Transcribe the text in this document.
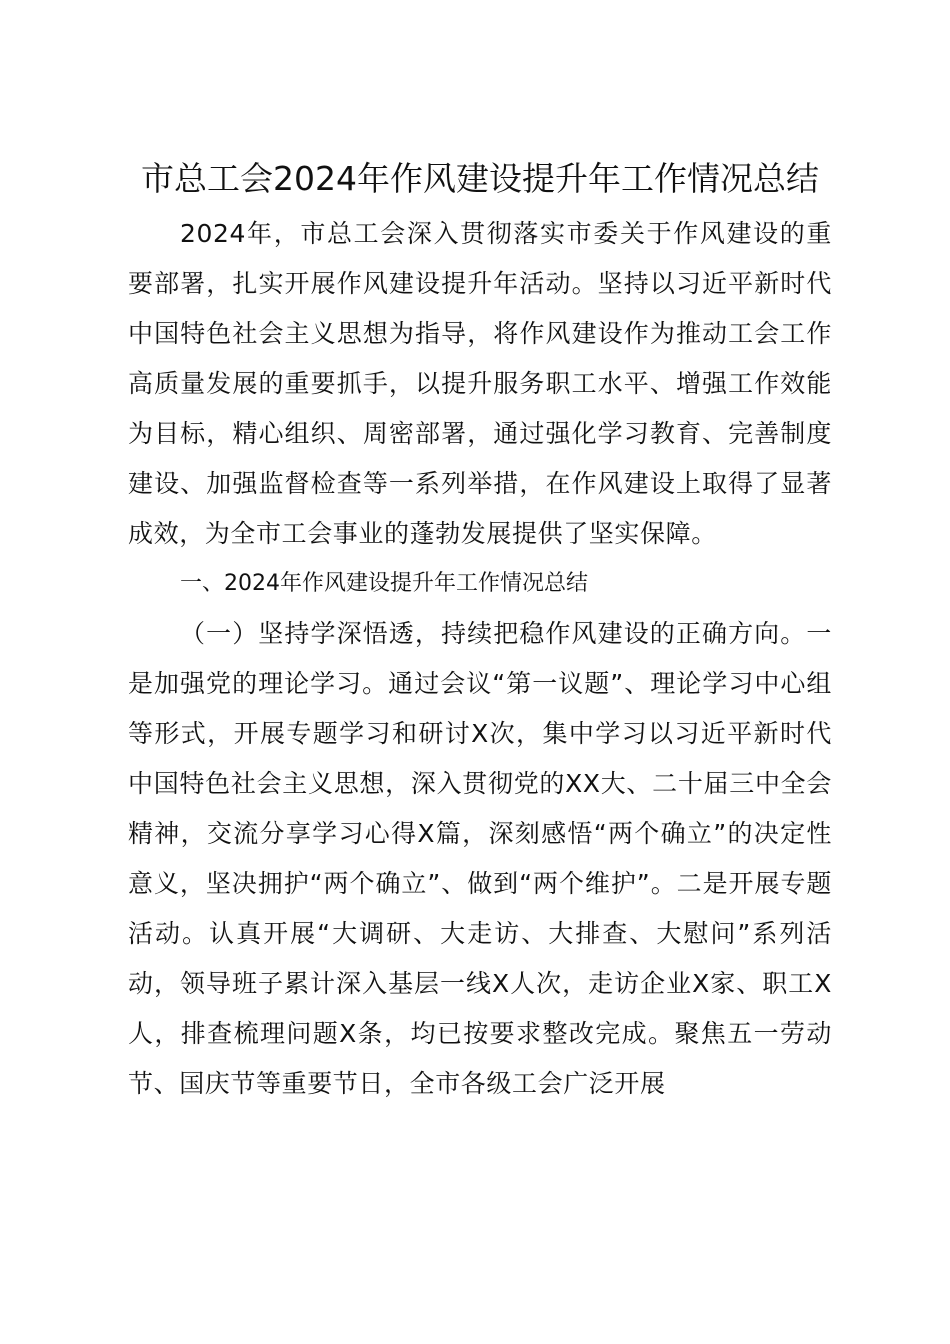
市总工会2024年作风建设提升年工作情况总结

2024年，市总工会深入贯彻落实市委关于作风建设的重要部署，扎实开展作风建设提升年活动。坚持以习近平新时代中国特色社会主义思想为指导，将作风建设作为推动工会工作高质量发展的重要抓手，以提升服务职工水平、增强工作效能为目标，精心组织、周密部署，通过强化学习教育、完善制度建设、加强监督检查等一系列举措，在作风建设上取得了显著成效，为全市工会事业的蓬勃发展提供了坚实保障。

一、2024年作风建设提升年工作情况总结

（一）坚持学深悟透，持续把稳作风建设的正确方向。一是加强党的理论学习。通过会议“第一议题”、理论学习中心组等形式，开展专题学习和研讨X次，集中学习以习近平新时代中国特色社会主义思想，深入贯彻党的XX大、二十届三中全会精神，交流分享学习心得X篇，深刻感悟“两个确立”的决定性意义，坚决拥护“两个确立”、做到“两个维护”。二是开展专题活动。认真开展“大调研、大走访、大排查、大慰问”系列活动，领导班子累计深入基层一线X人次，走访企业X家、职工X人，排查梳理问题X条，均已按要求整改完成。聚焦五一劳动节、国庆节等重要节日，全市各级工会广泛开展
